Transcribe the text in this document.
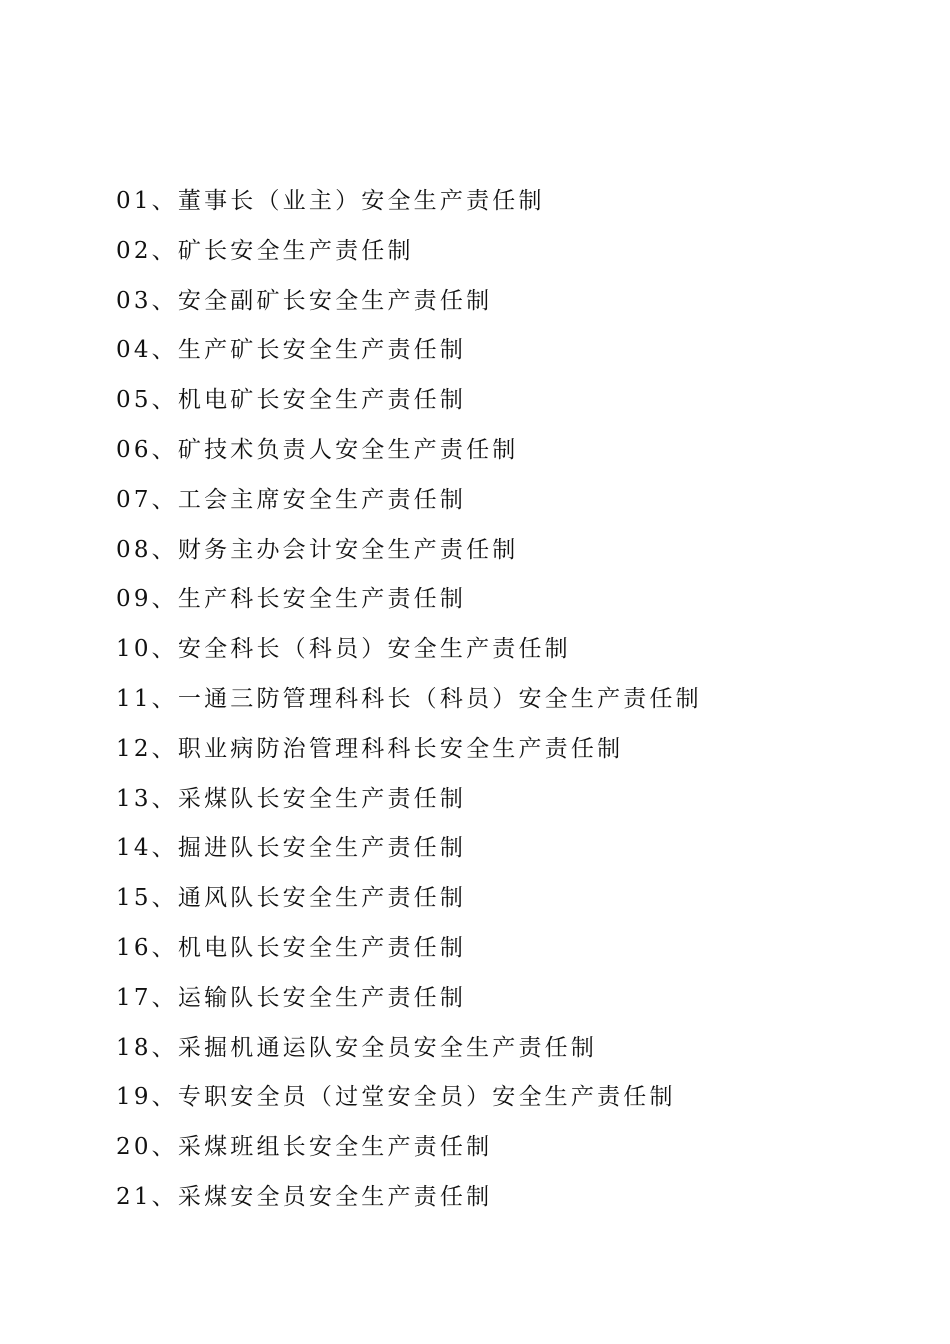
01、董事长（业主）安全生产责任制
02、矿长安全生产责任制
03、安全副矿长安全生产责任制
04、生产矿长安全生产责任制
05、机电矿长安全生产责任制
06、矿技术负责人安全生产责任制
07、工会主席安全生产责任制
08、财务主办会计安全生产责任制
09、生产科长安全生产责任制
10、安全科长（科员）安全生产责任制
11、一通三防管理科科长（科员）安全生产责任制
12、职业病防治管理科科长安全生产责任制
13、采煤队长安全生产责任制
14、掘进队长安全生产责任制
15、通风队长安全生产责任制
16、机电队长安全生产责任制
17、运输队长安全生产责任制
18、采掘机通运队安全员安全生产责任制
19、专职安全员（过堂安全员）安全生产责任制
20、采煤班组长安全生产责任制
21、采煤安全员安全生产责任制
